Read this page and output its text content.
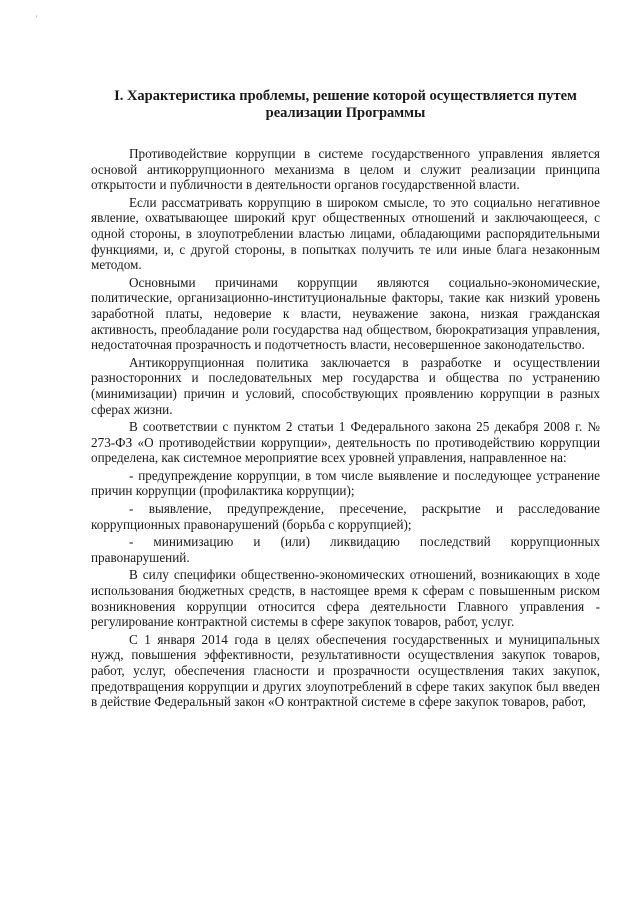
'
I. Характеристика проблемы, решение которой осуществляется путем
реализации Программы

Противодействие коррупции в системе государственного управления является основой антикоррупционного механизма в целом и служит реализации принципа открытости и публичности в деятельности органов государственной власти.

Если рассматривать коррупцию в широком смысле, то это социально негативное явление, охватывающее широкий круг общественных отношений и заключающееся, с одной стороны, в злоупотреблении властью лицами, обладающими распорядительными функциями, и, с другой стороны, в попытках получить те или иные блага незаконным методом.

Основными причинами коррупции являются социально-экономические, политические, организационно-институциональные факторы, такие как низкий уровень заработной платы, недоверие к власти, неуважение закона, низкая гражданская активность, преобладание роли государства над обществом, бюрократизация управления, недостаточная прозрачность и подотчетность власти, несовершенное законодательство.

Антикоррупционная политика заключается в разработке и осуществлении разносторонних и последовательных мер государства и общества по устранению (минимизации) причин и условий, способствующих проявлению коррупции в разных сферах жизни.

В соответствии с пунктом 2 статьи 1 Федерального закона 25 декабря 2008 г. № 273-ФЗ «О противодействии коррупции», деятельность по противодействию коррупции определена, как системное мероприятие всех уровней управления, направленное на:

- предупреждение коррупции, в том числе выявление и последующее устранение причин коррупции (профилактика коррупции);

- выявление, предупреждение, пресечение, раскрытие и расследование коррупционных правонарушений (борьба с коррупцией);

- минимизацию и (или) ликвидацию последствий коррупционных правонарушений.

В силу специфики общественно-экономических отношений, возникающих в ходе использования бюджетных средств, в настоящее время к сферам с повышенным риском возникновения коррупции относится сфера деятельности Главного управления - регулирование контрактной системы в сфере закупок товаров, работ, услуг.

С 1 января 2014 года в целях обеспечения государственных и муниципальных нужд, повышения эффективности, результативности осуществления закупок товаров, работ, услуг, обеспечения гласности и прозрачности осуществления таких закупок, предотвращения коррупции и других злоупотреблений в сфере таких закупок был введен в действие Федеральный закон «О контрактной системе в сфере закупок товаров, работ,
